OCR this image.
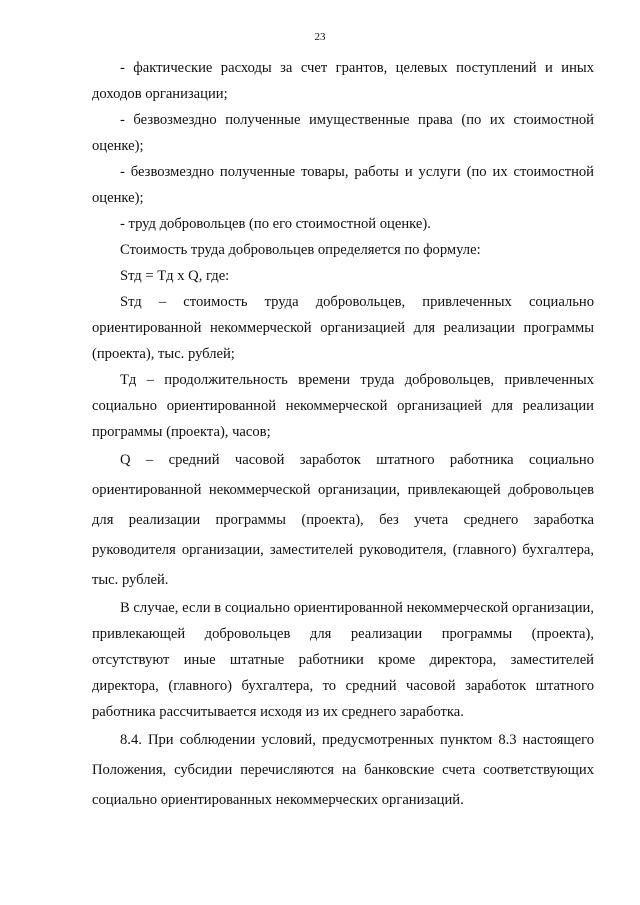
23

- фактические расходы за счет грантов, целевых поступлений и иных доходов организации;

- безвозмездно полученные имущественные права (по их стоимостной оценке);

- безвозмездно полученные товары, работы и услуги (по их стоимостной оценке);

- труд добровольцев (по его стоимостной оценке).

Стоимость труда добровольцев определяется по формуле:

Sтд = Тд х Q, где:

Sтд – стоимость труда добровольцев, привлеченных социально ориентированной некоммерческой организацией для реализации программы (проекта), тыс. рублей;

Тд – продолжительность времени труда добровольцев, привлеченных социально ориентированной некоммерческой организацией для реализации программы (проекта), часов;

Q – средний часовой заработок штатного работника социально ориентированной некоммерческой организации, привлекающей добровольцев для реализации программы (проекта), без учета среднего заработка руководителя организации, заместителей руководителя, (главного) бухгалтера, тыс. рублей.

В случае, если в социально ориентированной некоммерческой организации, привлекающей добровольцев для реализации программы (проекта), отсутствуют иные штатные работники кроме директора, заместителей директора, (главного) бухгалтера, то средний часовой заработок штатного работника рассчитывается исходя из их среднего заработка.

8.4. При соблюдении условий, предусмотренных пунктом 8.3 настоящего Положения, субсидии перечисляются на банковские счета соответствующих социально ориентированных некоммерческих организаций.
